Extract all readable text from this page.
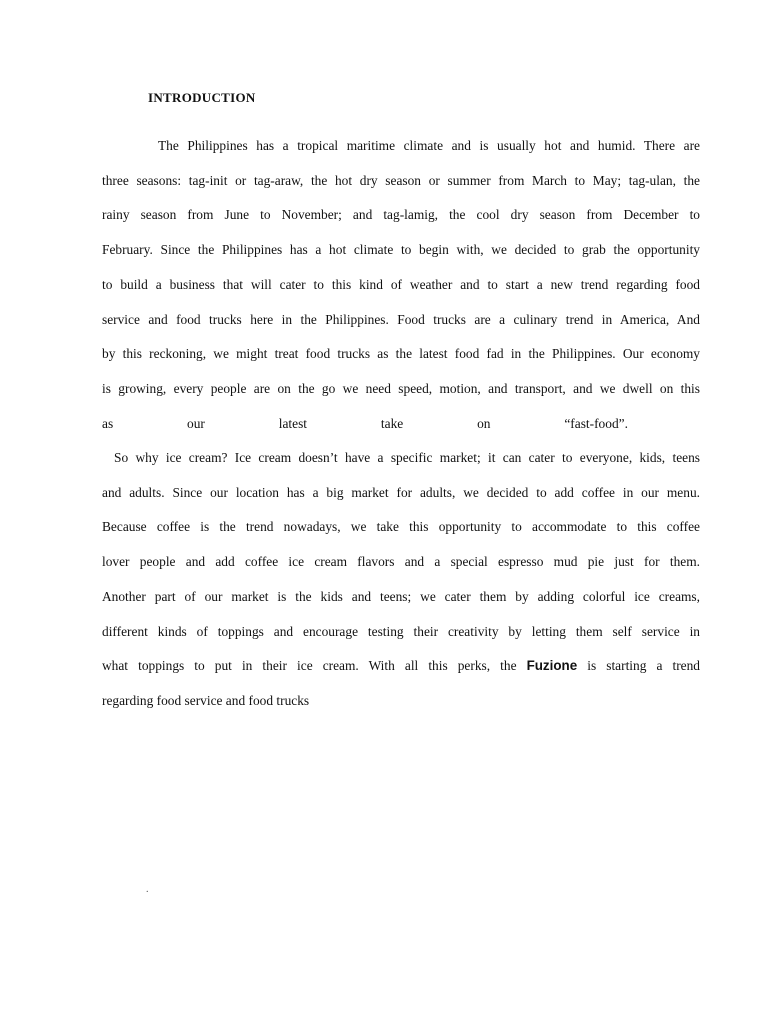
INTRODUCTION
The Philippines has a tropical maritime climate and is usually hot and humid. There are
three seasons: tag-init or tag-araw, the hot dry season or summer from March to May; tag-ulan, the
rainy season from June to November; and tag-lamig, the cool dry season from December to
February. Since the Philippines has a hot climate to begin with, we decided to grab the opportunity
to build a business that will cater to this kind of weather and to start a new trend regarding food
service and food trucks here in the Philippines. Food trucks are a culinary trend in America, And
by this reckoning, we might treat food trucks as the latest food fad in the Philippines. Our economy
is growing, every people are on the go we need speed, motion, and transport, and we dwell on this
as	our	latest	take	on	“fast-food”.
So why ice cream? Ice cream doesn’t have a specific market; it can cater to everyone, kids, teens
and adults. Since our location has a big market for adults, we decided to add coffee in our menu.
Because coffee is the trend nowadays, we take this opportunity to accommodate to this coffee
lover people and add coffee ice cream flavors and a special espresso mud pie just for them.
Another part of our market is the kids and teens; we cater them by adding colorful ice creams,
different kinds of toppings and encourage testing their creativity by letting them self service in
what toppings to put in their ice cream. With all this perks, the Fuzione is starting a trend
regarding food service and food trucks
.
